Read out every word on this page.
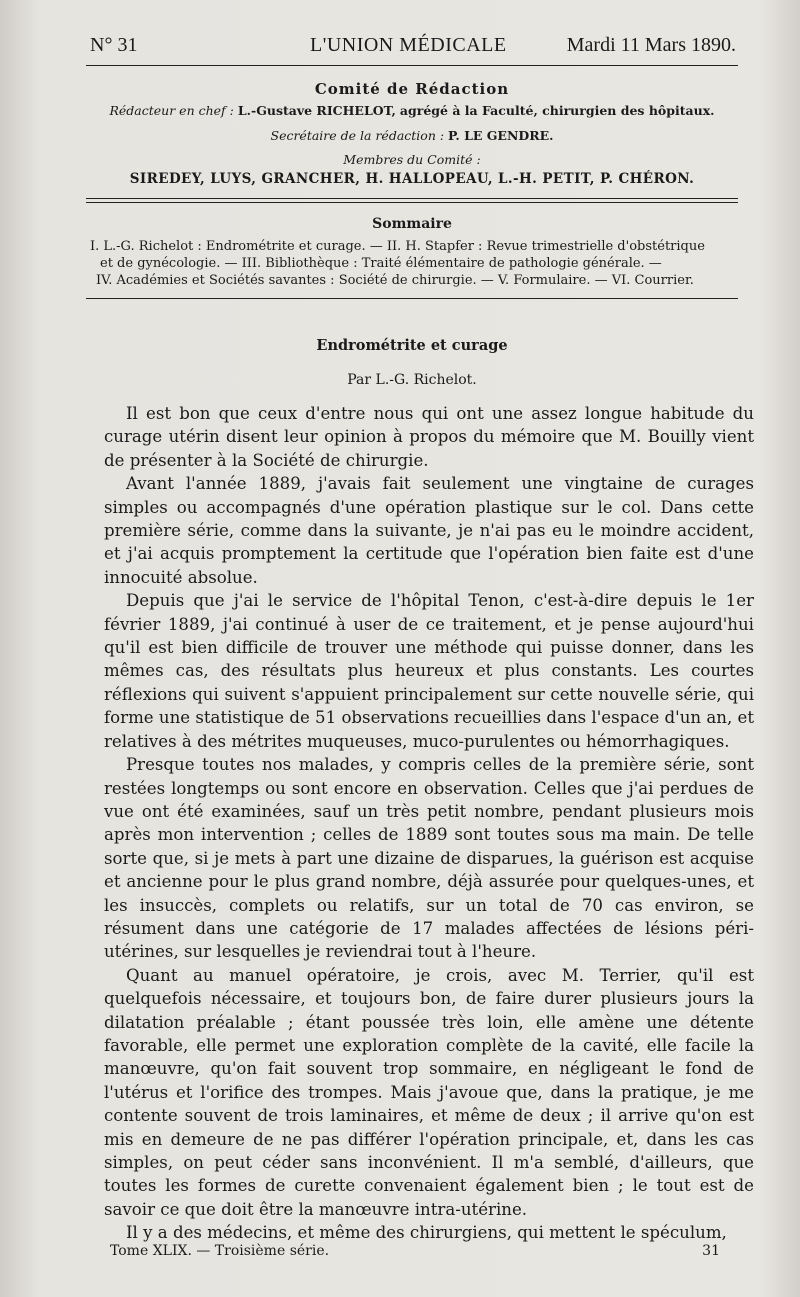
N° 31	L'UNION MÉDICALE	Mardi 11 Mars 1890.
Comité de Rédaction
Rédacteur en chef : L.-Gustave RICHELOT, agrégé à la Faculté, chirurgien des hôpitaux.
Secrétaire de la rédaction : P. LE GENDRE.
Membres du Comité :
SIREDEY, LUYS, GRANCHER, H. HALLOPEAU, L.-H. PETIT, P. CHÉRON.
Sommaire
I. L.-G. Richelot : Endrométrite et curage. — II. H. Stapfer : Revue trimestrielle d'obstétrique
et de gynécologie. — III. Bibliothèque : Traité élémentaire de pathologie générale. —
IV. Académies et Sociétés savantes : Société de chirurgie. — V. Formulaire. — VI. Courrier.
Endrométrite et curage
Par L.-G. Richelot.

Il est bon que ceux d'entre nous qui ont une assez longue habitude du curage utérin disent leur opinion à propos du mémoire que M. Bouilly vient de présenter à la Société de chirurgie.

Avant l'année 1889, j'avais fait seulement une vingtaine de curages simples ou accompagnés d'une opération plastique sur le col. Dans cette première série, comme dans la suivante, je n'ai pas eu le moindre accident, et j'ai acquis promptement la certitude que l'opération bien faite est d'une innocuité absolue.

Depuis que j'ai le service de l'hôpital Tenon, c'est-à-dire depuis le 1er février 1889, j'ai continué à user de ce traitement, et je pense aujourd'hui qu'il est bien difficile de trouver une méthode qui puisse donner, dans les mêmes cas, des résultats plus heureux et plus constants. Les courtes réflexions qui suivent s'appuient principalement sur cette nouvelle série, qui forme une statistique de 51 observations recueillies dans l'espace d'un an, et relatives à des métrites muqueuses, muco-purulentes ou hémorrhagiques.

Presque toutes nos malades, y compris celles de la première série, sont restées longtemps ou sont encore en observation. Celles que j'ai perdues de vue ont été examinées, sauf un très petit nombre, pendant plusieurs mois après mon intervention ; celles de 1889 sont toutes sous ma main. De telle sorte que, si je mets à part une dizaine de disparues, la guérison est acquise et ancienne pour le plus grand nombre, déjà assurée pour quelques-unes, et les insuccès, complets ou relatifs, sur un total de 70 cas environ, se résument dans une catégorie de 17 malades affectées de lésions péri-utérines, sur lesquelles je reviendrai tout à l'heure.

Quant au manuel opératoire, je crois, avec M. Terrier, qu'il est quelquefois nécessaire, et toujours bon, de faire durer plusieurs jours la dilatation préalable ; étant poussée très loin, elle amène une détente favorable, elle permet une exploration complète de la cavité, elle facile la manœuvre, qu'on fait souvent trop sommaire, en négligeant le fond de l'utérus et l'orifice des trompes. Mais j'avoue que, dans la pratique, je me contente souvent de trois laminaires, et même de deux ; il arrive qu'on est mis en demeure de ne pas différer l'opération principale, et, dans les cas simples, on peut céder sans inconvénient. Il m'a semblé, d'ailleurs, que toutes les formes de curette convenaient également bien ; le tout est de savoir ce que doit être la manœuvre intra-utérine.

Il y a des médecins, et même des chirurgiens, qui mettent le spéculum,

Tome XLIX. — Troisième série.	31
